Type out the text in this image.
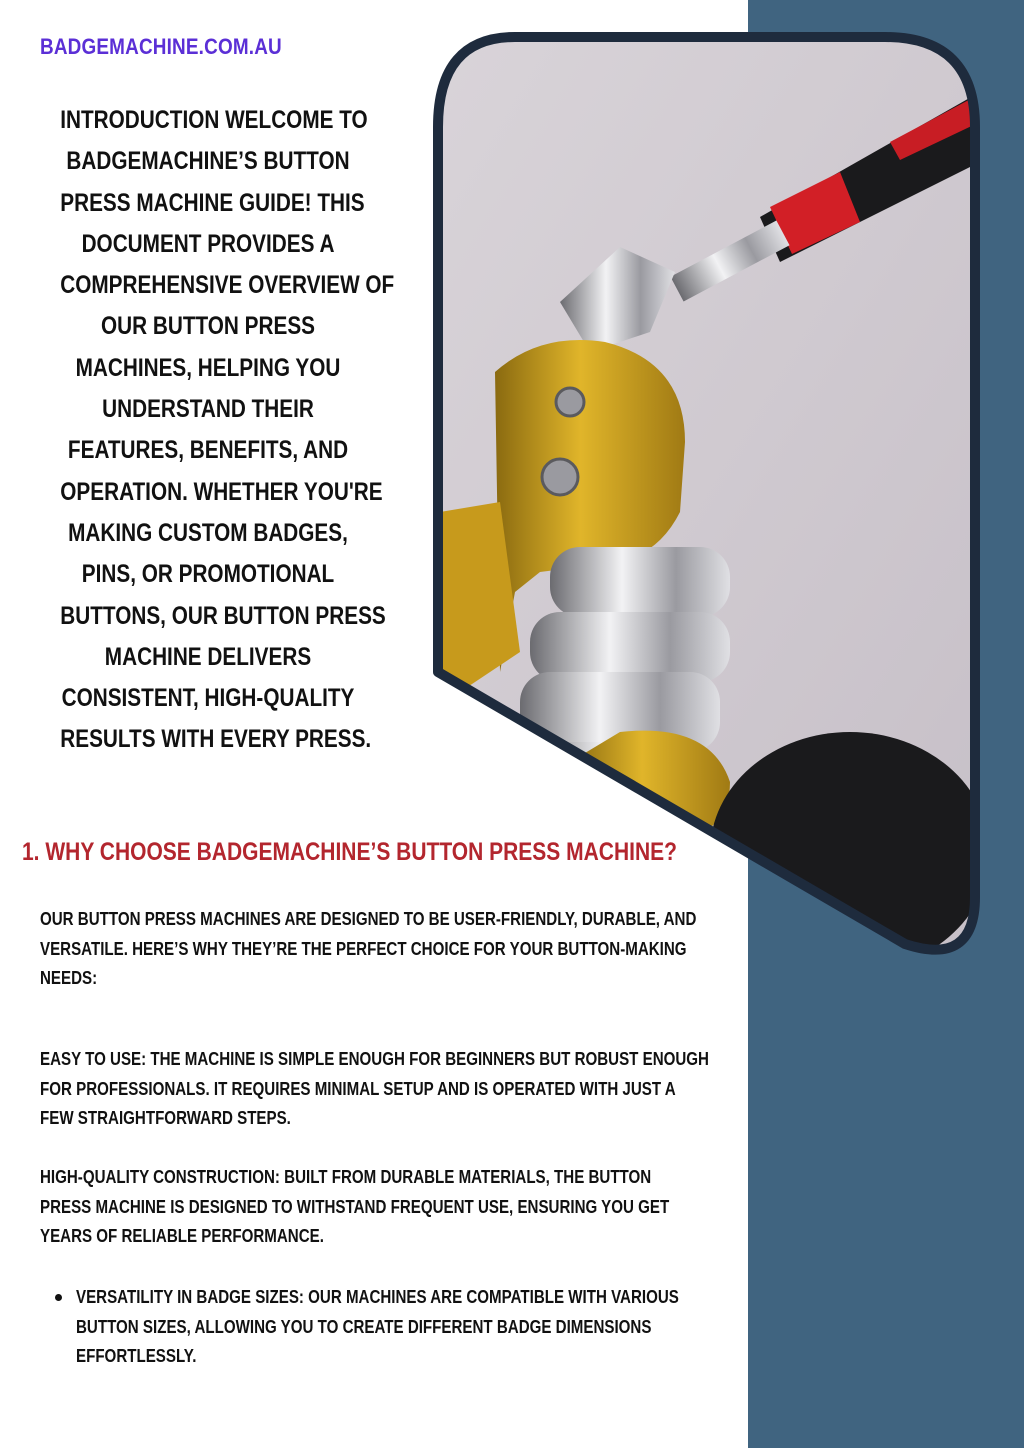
BADGEMACHINE.COM.AU
INTRODUCTION WELCOME TO
BADGEMACHINE’S BUTTON
PRESS MACHINE GUIDE! THIS
DOCUMENT PROVIDES A
COMPREHENSIVE OVERVIEW OF
OUR BUTTON PRESS
MACHINES, HELPING YOU
UNDERSTAND THEIR
FEATURES, BENEFITS, AND
OPERATION. WHETHER YOU'RE
MAKING CUSTOM BADGES,
PINS, OR PROMOTIONAL
BUTTONS, OUR BUTTON PRESS
MACHINE DELIVERS
CONSISTENT, HIGH-QUALITY
RESULTS WITH EVERY PRESS.
1. WHY CHOOSE BADGEMACHINE’S BUTTON PRESS MACHINE?
OUR BUTTON PRESS MACHINES ARE DESIGNED TO BE USER-FRIENDLY, DURABLE, AND
VERSATILE. HERE’S WHY THEY’RE THE PERFECT CHOICE FOR YOUR BUTTON-MAKING
NEEDS:
EASY TO USE: THE MACHINE IS SIMPLE ENOUGH FOR BEGINNERS BUT ROBUST ENOUGH
FOR PROFESSIONALS. IT REQUIRES MINIMAL SETUP AND IS OPERATED WITH JUST A
FEW STRAIGHTFORWARD STEPS.
HIGH-QUALITY CONSTRUCTION: BUILT FROM DURABLE MATERIALS, THE BUTTON
PRESS MACHINE IS DESIGNED TO WITHSTAND FREQUENT USE, ENSURING YOU GET
YEARS OF RELIABLE PERFORMANCE.
VERSATILITY IN BADGE SIZES: OUR MACHINES ARE COMPATIBLE WITH VARIOUS
BUTTON SIZES, ALLOWING YOU TO CREATE DIFFERENT BADGE DIMENSIONS
EFFORTLESSLY.
